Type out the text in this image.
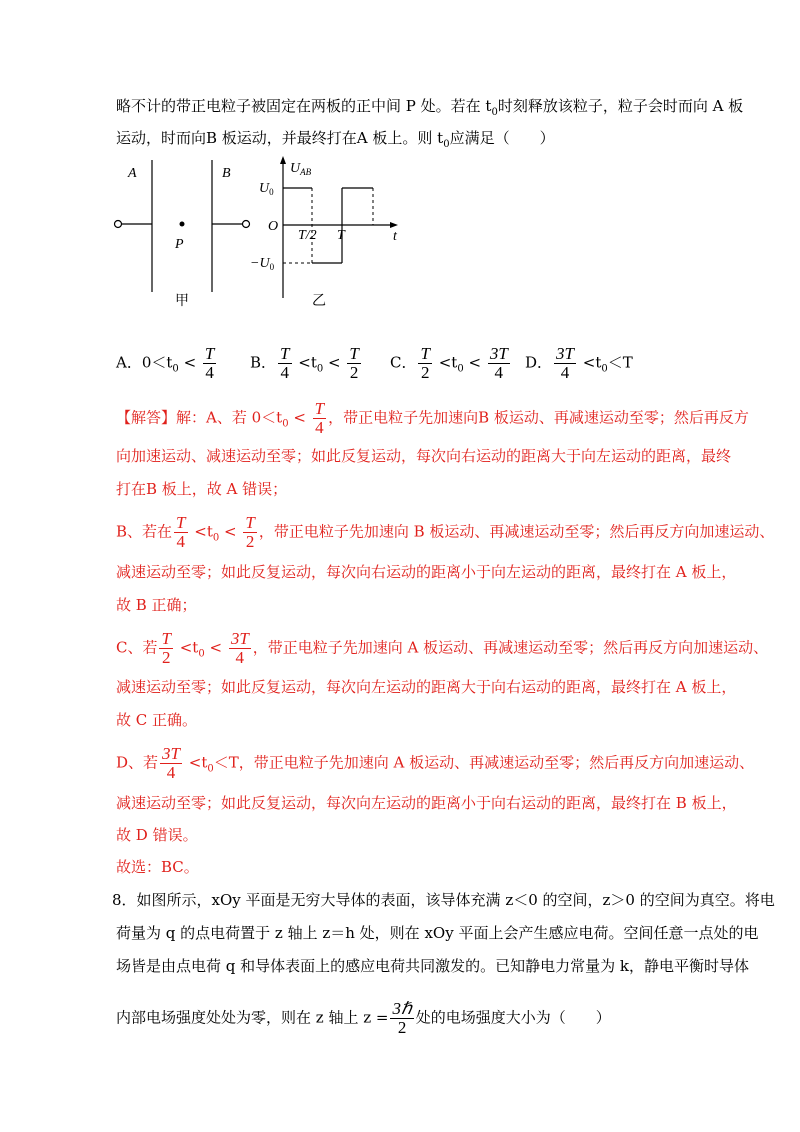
略不计的带正电粒子被固定在两板的正中间 P 处。若在 $t_0$时刻释放该粒子，粒子会时而向 A 板
运动，时而向B 板运动，并最终打在A 板上。则 $t_0$应满足（　　）
A	B
P
甲
$U_{AB}$
$U_0$
O
$-U_0$
T/2 T	t
乙
A．$0<t_0 < \frac{T}{4}$ B． $\frac{T}{4} <t_0 < \frac{T}{2}$ C． $\frac{T}{2} <t_0 < \frac{3T}{4}$ D． $\frac{3T}{4} <t_0<T$
【解答】解：A、若 $0<t_0 < \frac{T}{4}$ ，带正电粒子先加速向B 板运动、再减速运动至零；然后再反方
向加速运动、减速运动至零；如此反复运动，每次向右运动的距离大于向左运动的距离，最终
打在B 板上，故 A 错误；
B、若在 $\frac{T}{4} <t_0 < \frac{T}{2}$ ，带正电粒子先加速向 B 板运动、再减速运动至零；然后再反方向加速运动、
减速运动至零；如此反复运动，每次向右运动的距离小于向左运动的距离，最终打在 A 板上，
故 B 正确；
C、若 $\frac{T}{2} <t_0 < \frac{3T}{4}$ ，带正电粒子先加速向 A 板运动、再减速运动至零；然后再反方向加速运动、
减速运动至零；如此反复运动，每次向左运动的距离大于向右运动的距离，最终打在 A 板上，
故 C 正确。
D、若 $\frac{3T}{4} <t_0<T$，带正电粒子先加速向 A 板运动、再减速运动至零；然后再反方向加速运动、
减速运动至零；如此反复运动，每次向左运动的距离小于向右运动的距离，最终打在 B 板上，
故 D 错误。
故选：BC。
8．如图所示，xOy 平面是无穷大导体的表面，该导体充满 z＜0 的空间，z＞0 的空间为真空。将电
荷量为 q 的点电荷置于 z 轴上 z＝h 处，则在 xOy 平面上会产生感应电荷。空间任意一点处的电
场皆是由点电荷 q 和导体表面上的感应电荷共同激发的。已知静电力常量为 k，静电平衡时导体
内部电场强度处处为零，则在 z 轴上 $z = \frac{\text{3ℏ}}{2}$ 处的电场强度大小为（　　）
